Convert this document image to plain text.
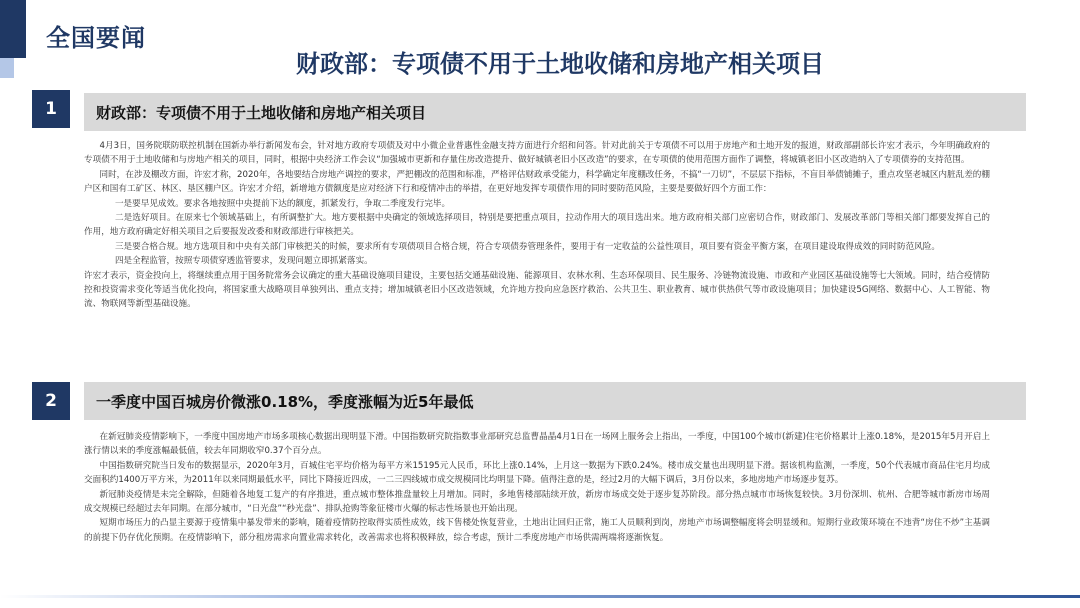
全国要闻
财政部：专项债不用于土地收储和房地产相关项目
1	财政部：专项债不用于土地收储和房地产相关项目

4月3日，国务院联防联控机制在国新办举行新闻发布会，针对地方政府专项债及对中小微企业普惠性金融支持方面进行介绍和问答。针对此前关于专项债不可以用于房地产和土地开发的报道，财政部副部长许宏才表示，今年明确政府的专项债不用于土地收储和与房地产相关的项目，同时，根据中央经济工作会议“加强城市更新和存量住房改造提升、做好城镇老旧小区改造”的要求，在专项债的使用范围方面作了调整，将城镇老旧小区改造纳入了专项债券的支持范围。

同时，在涉及棚改方面，许宏才称，2020年，各地要结合房地产调控的要求，严把棚改的范围和标准，严格评估财政承受能力，科学确定年度棚改任务，不搞“一刀切”，不层层下指标，不盲目举债铺摊子，重点攻坚老城区内脏乱差的棚户区和国有工矿区、林区、垦区棚户区。许宏才介绍，新增地方债额度是应对经济下行和疫情冲击的举措，在更好地发挥专项债作用的同时要防范风险，主要是要做好四个方面工作：

一是要早见成效。要求各地按照中央提前下达的额度，抓紧发行，争取二季度发行完毕。

二是选好项目。在原来七个领域基础上，有所调整扩大。地方要根据中央确定的领域选择项目，特别是要把重点项目，拉动作用大的项目选出来。地方政府相关部门应密切合作，财政部门、发展改革部门等相关部门都要发挥自己的作用，地方政府确定好相关项目之后要报发改委和财政部进行审核把关。

三是要合格合规。地方选项目和中央有关部门审核把关的时候，要求所有专项债项目合格合规，符合专项债券管理条件，要用于有一定收益的公益性项目，项目要有资金平衡方案，在项目建设取得成效的同时防范风险。

四是全程监管，按照专项债穿透监管要求，发现问题立即抓紧落实。

许宏才表示，资金投向上，将继续重点用于国务院常务会议确定的重大基础设施项目建设，主要包括交通基础设施、能源项目、农林水利、生态环保项目、民生服务、冷链物流设施、市政和产业园区基础设施等七大领域。同时，结合疫情防控和投资需求变化等适当优化投向，将国家重大战略项目单独列出、重点支持；增加城镇老旧小区改造领域，允许地方投向应急医疗救治、公共卫生、职业教育、城市供热供气等市政设施项目；加快建设5G网络、数据中心、人工智能、物流、物联网等新型基础设施。

2	一季度中国百城房价微涨0.18%，季度涨幅为近5年最低

在新冠肺炎疫情影响下，一季度中国房地产市场多项核心数据出现明显下滑。中国指数研究院指数事业部研究总监曹晶晶4月1日在一场网上服务会上指出，一季度，中国100个城市(新建)住宅价格累计上涨0.18%，是2015年5月开启上涨行情以来的季度涨幅最低值，较去年同期收窄0.37个百分点。

中国指数研究院当日发布的数据显示，2020年3月，百城住宅平均价格为每平方米15195元人民币，环比上涨0.14%，上月这一数据为下跌0.24%。楼市成交量也出现明显下滑。据该机构监测，一季度，50个代表城市商品住宅月均成交面积约1400万平方米，为2011年以来同期最低水平，同比下降接近四成，一二三四线城市成交规模同比均明显下降。值得注意的是，经过2月的大幅下调后，3月份以来，多地房地产市场逐步复苏。

新冠肺炎疫情是未完全解除，但随着各地复工复产的有序推进，重点城市整体推盘量较上月增加。同时，多地售楼部陆续开放，新房市场成交处于逐步复苏阶段。部分热点城市市场恢复较快。3月份深圳、杭州、合肥等城市新房市场周成交规模已经超过去年同期。在部分城市，“日光盘”“秒光盘”、排队抢购等象征楼市火爆的标志性场景也开始出现。

短期市场压力的凸显主要源于疫情集中暴发带来的影响，随着疫情防控取得实质性成效，线下售楼处恢复营业，土地出让回归正常，施工人员顺利到岗，房地产市场调整幅度将会明显缓和。短期行业政策环境在不违背“房住不炒”主基调的前提下仍存优化预期。在疫情影响下，部分租房需求向置业需求转化，改善需求也将积极释放，综合考虑，预计二季度房地产市场供需两端将逐渐恢复。
